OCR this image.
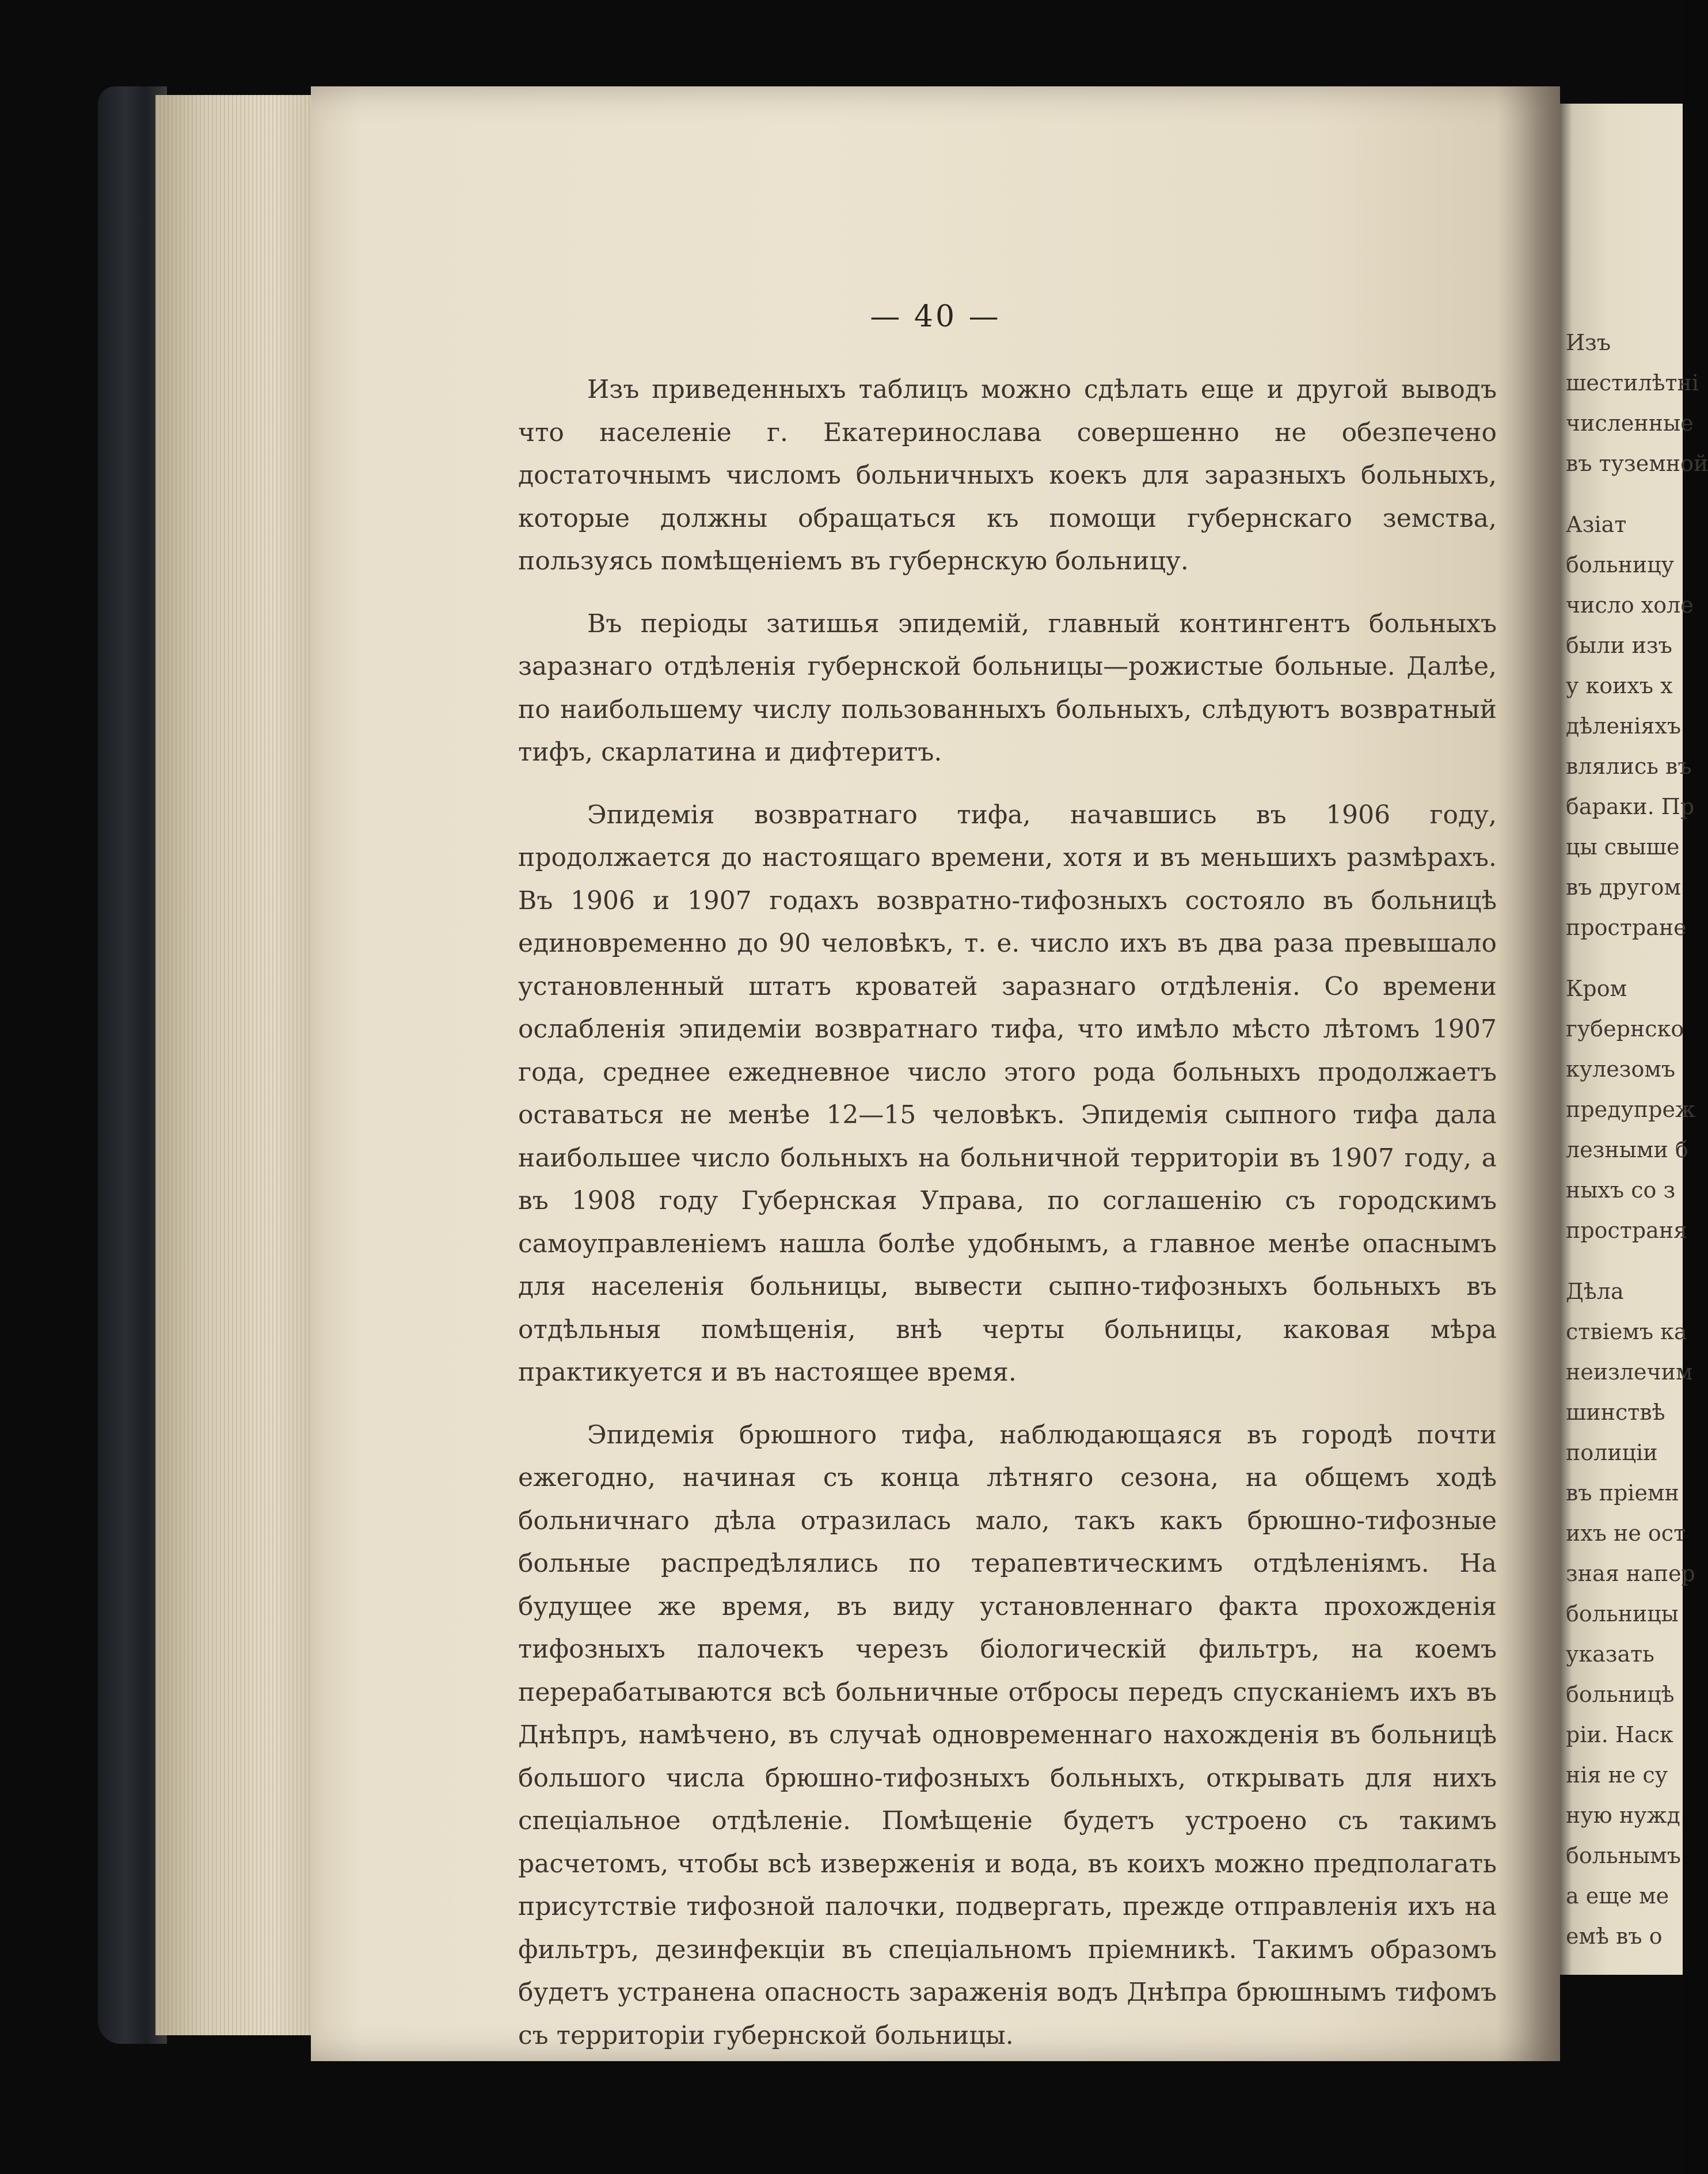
— 40 —

Изъ приведенныхъ таблицъ можно сдѣлать еще и другой выводъ что населеніе г. Екатеринослава совершенно не обезпечено достаточнымъ числомъ больничныхъ коекъ для заразныхъ больныхъ, которые должны обращаться къ помощи губернскаго земства, пользуясь помѣщеніемъ въ губернскую больницу.

Въ періоды затишья эпидемій, главный контингентъ больныхъ заразнаго отдѣленія губернской больницы—рожистые больные. Далѣе, по наибольшему числу пользованныхъ больныхъ, слѣдуютъ возвратный тифъ, скарлатина и дифтеритъ.

Эпидемія возвратнаго тифа, начавшись въ 1906 году, продолжается до настоящаго времени, хотя и въ меньшихъ размѣрахъ. Въ 1906 и 1907 годахъ возвратно-тифозныхъ состояло въ больницѣ единовременно до 90 человѣкъ, т. е. число ихъ въ два раза превышало установленный штатъ кроватей заразнаго отдѣленія. Со времени ослабленія эпидеміи возвратнаго тифа, что имѣло мѣсто лѣтомъ 1907 года, среднее ежедневное число этого рода больныхъ продолжаетъ оставаться не менѣе 12—15 человѣкъ. Эпидемія сыпного тифа дала наибольшее число больныхъ на больничной территоріи въ 1907 году, а въ 1908 году Губернская Управа, по соглашенію съ городскимъ самоуправленіемъ нашла болѣе удобнымъ, а главное менѣе опаснымъ для населенія больницы, вывести сыпно-тифозныхъ больныхъ въ отдѣльныя помѣщенія, внѣ черты больницы, каковая мѣра практикуется и въ настоящее время.

Эпидемія брюшного тифа, наблюдающаяся въ городѣ почти ежегодно, начиная съ конца лѣтняго сезона, на общемъ ходѣ больничнаго дѣла отразилась мало, такъ какъ брюшно-тифозные больные распредѣлялись по терапевтическимъ отдѣленіямъ. На будущее же время, въ виду установленнаго факта прохожденія тифозныхъ палочекъ черезъ біологическій фильтръ, на коемъ перерабатываются всѣ больничные отбросы передъ спусканіемъ ихъ въ Днѣпръ, намѣчено, въ случаѣ одновременнаго нахожденія въ больницѣ большого числа брюшно-тифозныхъ больныхъ, открывать для нихъ спеціальное отдѣленіе. Помѣщеніе будетъ устроено съ такимъ расчетомъ, чтобы всѣ изверженія и вода, въ коихъ можно предполагать присутствіе тифозной палочки, подвергать, прежде отправленія ихъ на фильтръ, дезинфекціи въ спеціальномъ пріемникѣ. Такимъ образомъ будетъ устранена опасность зараженія водъ Днѣпра брюшнымъ тифомъ съ территоріи губернской больницы.

Изъ
шестилѣтні
численные
въ туземной
Азіат
больницу
число холе
были изъ
у коихъ х
дѣленіяхъ
влялись въ
бараки. Пр
цы свыше
въ другом
пространe
Кром
губернско
кулезомъ
предупреж
лезными б
ныхъ со з
пространя
Дѣла
ствіемъ ка
неизлечим
шинствѣ
полиціи
въ пріемн
ихъ не ост
зная напер
больницы
указать
больницѣ
ріи. Наск
нія не су
ную нужд
больнымъ
а еще ме
емѣ въ о
